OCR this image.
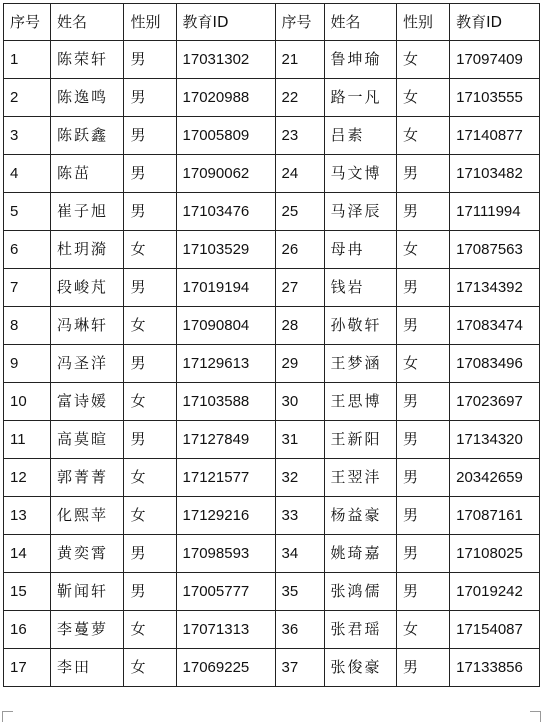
序号	姓名	性别	教育ID	序号	姓名	性别	教育ID
1	陈荣轩	男	17031302	21	鲁坤瑜	女	17097409
2	陈逸鸣	男	17020988	22	路一凡	女	17103555
3	陈跃鑫	男	17005809	23	吕素	女	17140877
4	陈茁	男	17090062	24	马文博	男	17103482
5	崔子旭	男	17103476	25	马泽辰	男	17111994
6	杜玥漪	女	17103529	26	母冉	女	17087563
7	段峻芃	男	17019194	27	钱岩	男	17134392
8	冯琳轩	女	17090804	28	孙敬轩	男	17083474
9	冯圣洋	男	17129613	29	王梦涵	女	17083496
10	富诗媛	女	17103588	30	王思博	男	17023697
11	高莫暄	男	17127849	31	王新阳	男	17134320
12	郭菁菁	女	17121577	32	王翌沣	男	20342659
13	化熙苹	女	17129216	33	杨益豪	男	17087161
14	黄奕霄	男	17098593	34	姚琦嘉	男	17108025
15	靳闻轩	男	17005777	35	张鸿儒	男	17019242
16	李蔓萝	女	17071313	36	张君瑶	女	17154087
17	李田	女	17069225	37	张俊豪	男	17133856
